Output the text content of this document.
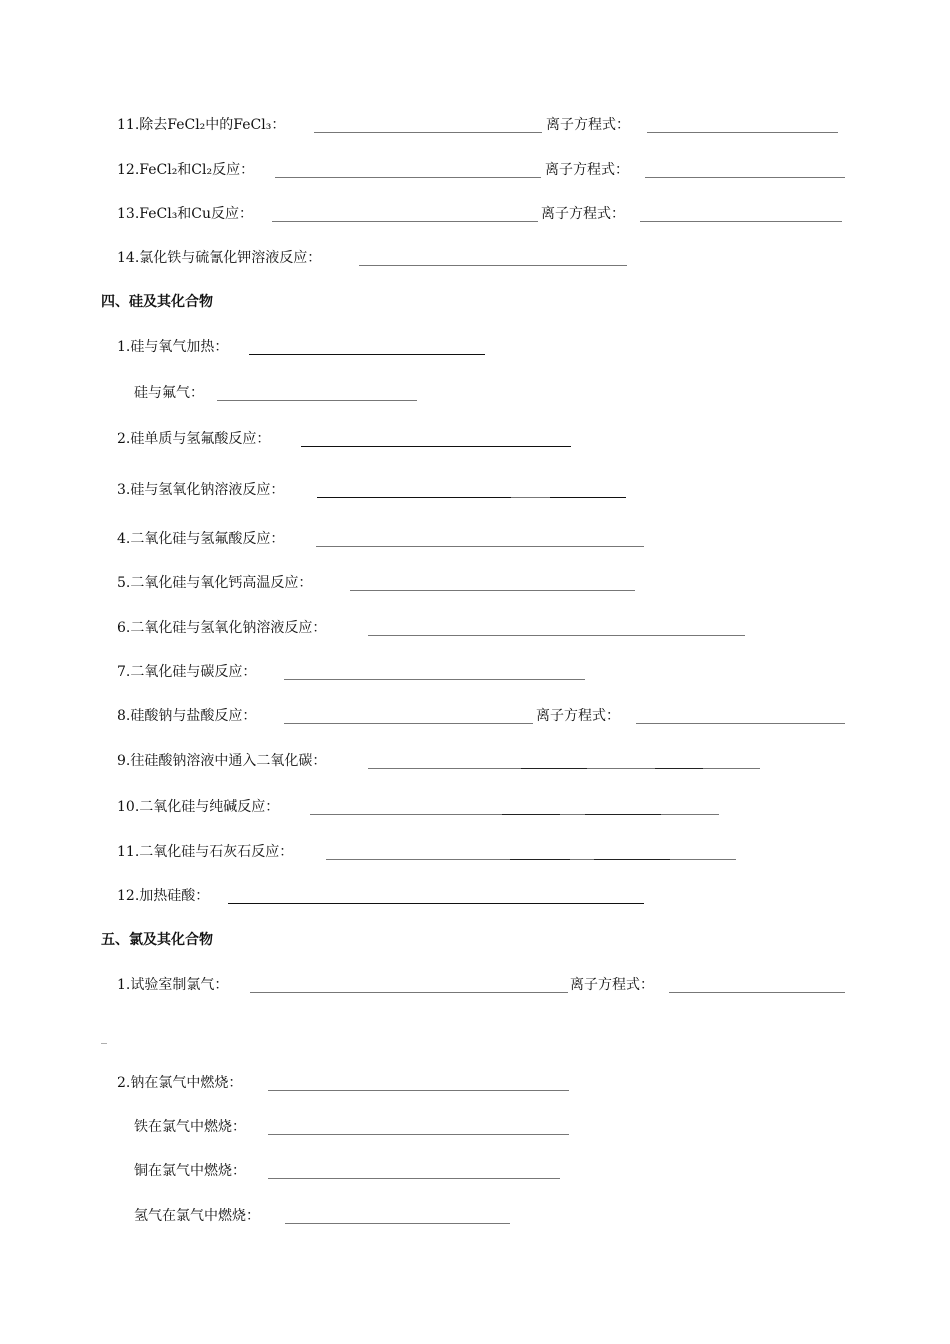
11.除去FeCl₂中的FeCl₃：	离子方程式：
12.FeCl₂和Cl₂反应：	离子方程式：
13.FeCl₃和Cu反应：	离子方程式：
14.氯化铁与硫氰化钾溶液反应：
四、硅及其化合物
1.硅与氧气加热：
硅与氟气：
2.硅单质与氢氟酸反应：
3.硅与氢氧化钠溶液反应：
4.二氧化硅与氢氟酸反应：
5.二氧化硅与氧化钙高温反应：
6.二氧化硅与氢氧化钠溶液反应：
7.二氧化硅与碳反应：
8.硅酸钠与盐酸反应：	离子方程式：
9.往硅酸钠溶液中通入二氧化碳：
10.二氧化硅与纯碱反应：
11.二氧化硅与石灰石反应：
12.加热硅酸：
五、氯及其化合物
1.试验室制氯气：	离子方程式：
_
2.钠在氯气中燃烧：
铁在氯气中燃烧：
铜在氯气中燃烧：
氢气在氯气中燃烧：
